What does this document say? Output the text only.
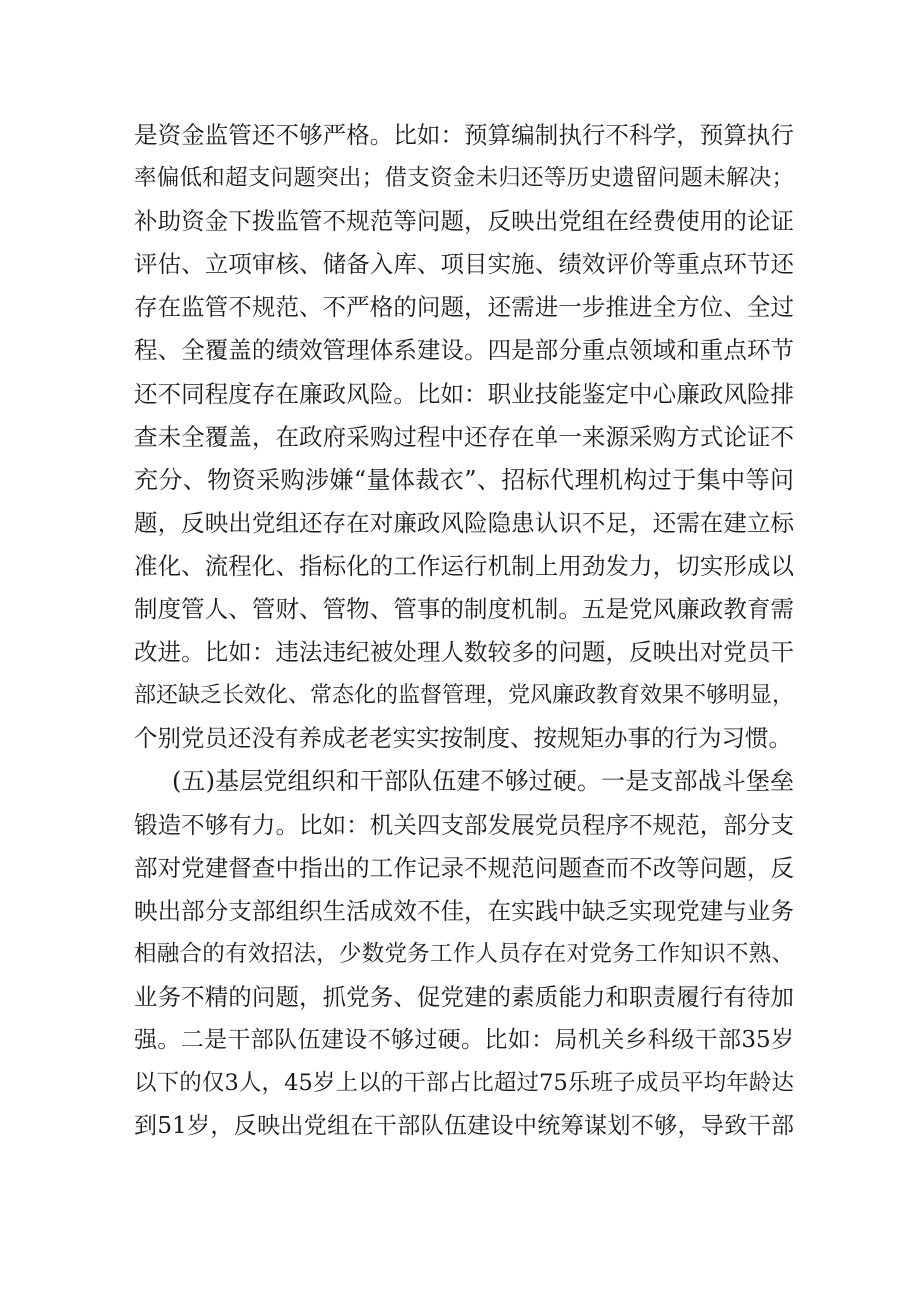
是资金监管还不够严格。比如：预算编制执行不科学，预算执行
率偏低和超支问题突出；借支资金未归还等历史遗留问题未解决；
补助资金下拨监管不规范等问题，反映出党组在经费使用的论证
评估、立项审核、储备入库、项目实施、绩效评价等重点环节还
存在监管不规范、不严格的问题，还需进一步推进全方位、全过
程、全覆盖的绩效管理体系建设。四是部分重点领域和重点环节
还不同程度存在廉政风险。比如：职业技能鉴定中心廉政风险排
查未全覆盖，在政府采购过程中还存在单一来源采购方式论证不
充分、物资采购涉嫌“量体裁衣”、招标代理机构过于集中等问
题，反映出党组还存在对廉政风险隐患认识不足，还需在建立标
准化、流程化、指标化的工作运行机制上用劲发力，切实形成以
制度管人、管财、管物、管事的制度机制。五是党风廉政教育需
改进。比如：违法违纪被处理人数较多的问题，反映出对党员干
部还缺乏长效化、常态化的监督管理，党风廉政教育效果不够明显，
个别党员还没有养成老老实实按制度、按规矩办事的行为习惯。
(五)基层党组织和干部队伍建不够过硬。一是支部战斗堡垒
锻造不够有力。比如：机关四支部发展党员程序不规范，部分支
部对党建督查中指出的工作记录不规范问题查而不改等问题，反
映出部分支部组织生活成效不佳，在实践中缺乏实现党建与业务
相融合的有效招法，少数党务工作人员存在对党务工作知识不熟、
业务不精的问题，抓党务、促党建的素质能力和职责履行有待加
强。二是干部队伍建设不够过硬。比如：局机关乡科级干部35岁
以下的仅3人，45岁上以的干部占比超过75乐班子成员平均年龄达
到51岁，反映出党组在干部队伍建设中统筹谋划不够，导致干部
